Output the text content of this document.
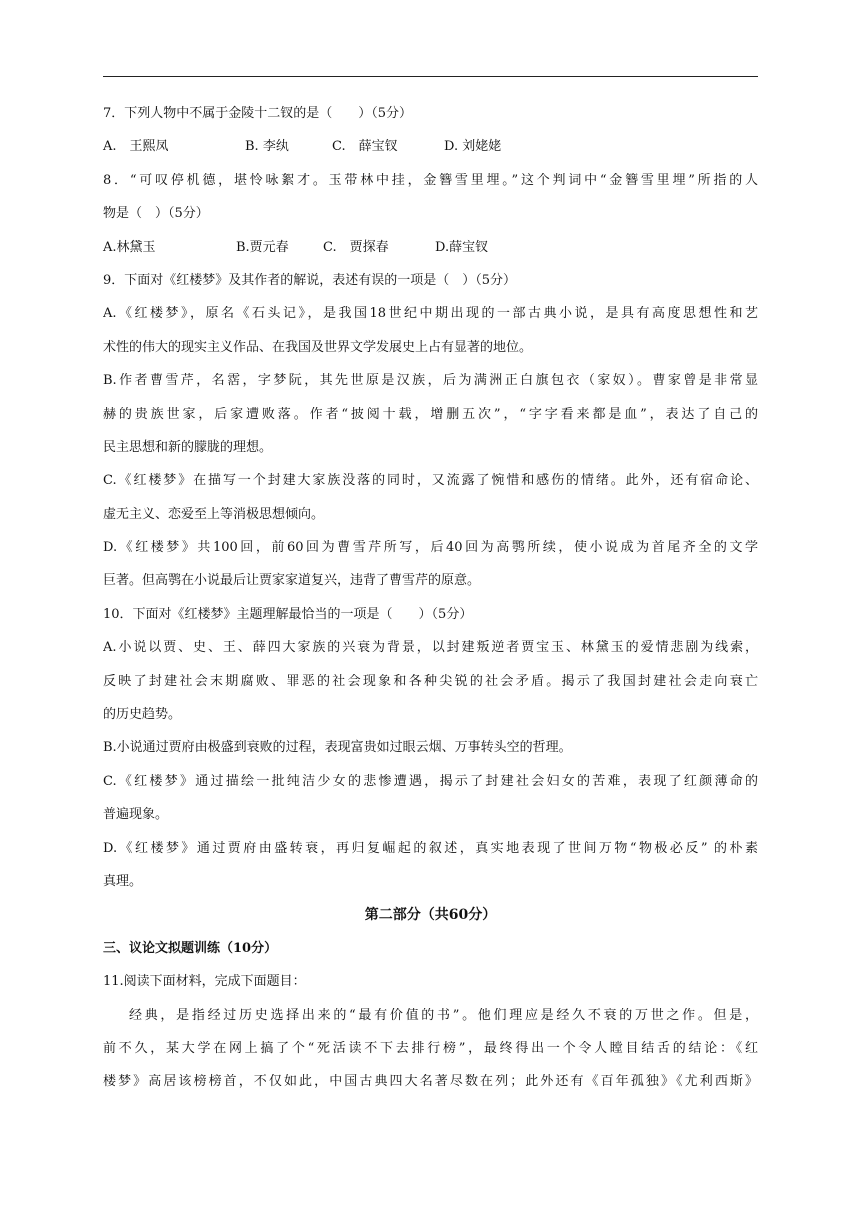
7．下列人物中不属于金陵十二钗的是（　　）（5分）
A.　王熙凤	B. 李纨	C.　薛宝钗	D. 刘姥姥
8．“可叹停机德，堪怜咏絮才。玉带林中挂，金簪雪里埋。”这个判词中“金簪雪里埋”所指的人
物是（　）（5分）
A.林黛玉	B.贾元春	C.　贾探春	D.薛宝钗
9．下面对《红楼梦》及其作者的解说，表述有误的一项是（　）（5分）
A.《红楼梦》，原名《石头记》，是我国18世纪中期出现的一部古典小说，是具有高度思想性和艺
术性的伟大的现实主义作品、在我国及世界文学发展史上占有显著的地位。
B.作者曹雪芹，名霑，字梦阮，其先世原是汉族，后为满洲正白旗包衣（家奴）。曹家曾是非常显
赫的贵族世家，后家遭败落。作者“披阅十载，增删五次”，“字字看来都是血”，表达了自己的
民主思想和新的朦胧的理想。
C.《红楼梦》在描写一个封建大家族没落的同时，又流露了惋惜和感伤的情绪。此外，还有宿命论、
虚无主义、恋爱至上等消极思想倾向。
D.《红楼梦》共100回，前60回为曹雪芹所写，后40回为高鹗所续，使小说成为首尾齐全的文学
巨著。但高鹗在小说最后让贾家家道复兴，违背了曹雪芹的原意。
10．下面对《红楼梦》主题理解最恰当的一项是（　　）（5分）
A.小说以贾、史、王、薛四大家族的兴衰为背景，以封建叛逆者贾宝玉、林黛玉的爱情悲剧为线索，
反映了封建社会末期腐败、罪恶的社会现象和各种尖锐的社会矛盾。揭示了我国封建社会走向衰亡
的历史趋势。
B.小说通过贾府由极盛到衰败的过程，表现富贵如过眼云烟、万事转头空的哲理。
C.《红楼梦》通过描绘一批纯洁少女的悲惨遭遇，揭示了封建社会妇女的苦难，表现了红颜薄命的
普遍现象。
D.《红楼梦》通过贾府由盛转衰，再归复崛起的叙述，真实地表现了世间万物“物极必反” 的朴素
真理。
第二部分（共60分）
三、议论文拟题训练（10分）
11.阅读下面材料，完成下面题目：
经典，是指经过历史选择出来的“最有价值的书”。他们理应是经久不衰的万世之作。但是，
前不久，某大学在网上搞了个“死活读不下去排行榜”，最终得出一个令人瞠目结舌的结论：《红
楼梦》高居该榜榜首，不仅如此，中国古典四大名著尽数在列；此外还有《百年孤独》《尤利西斯》
